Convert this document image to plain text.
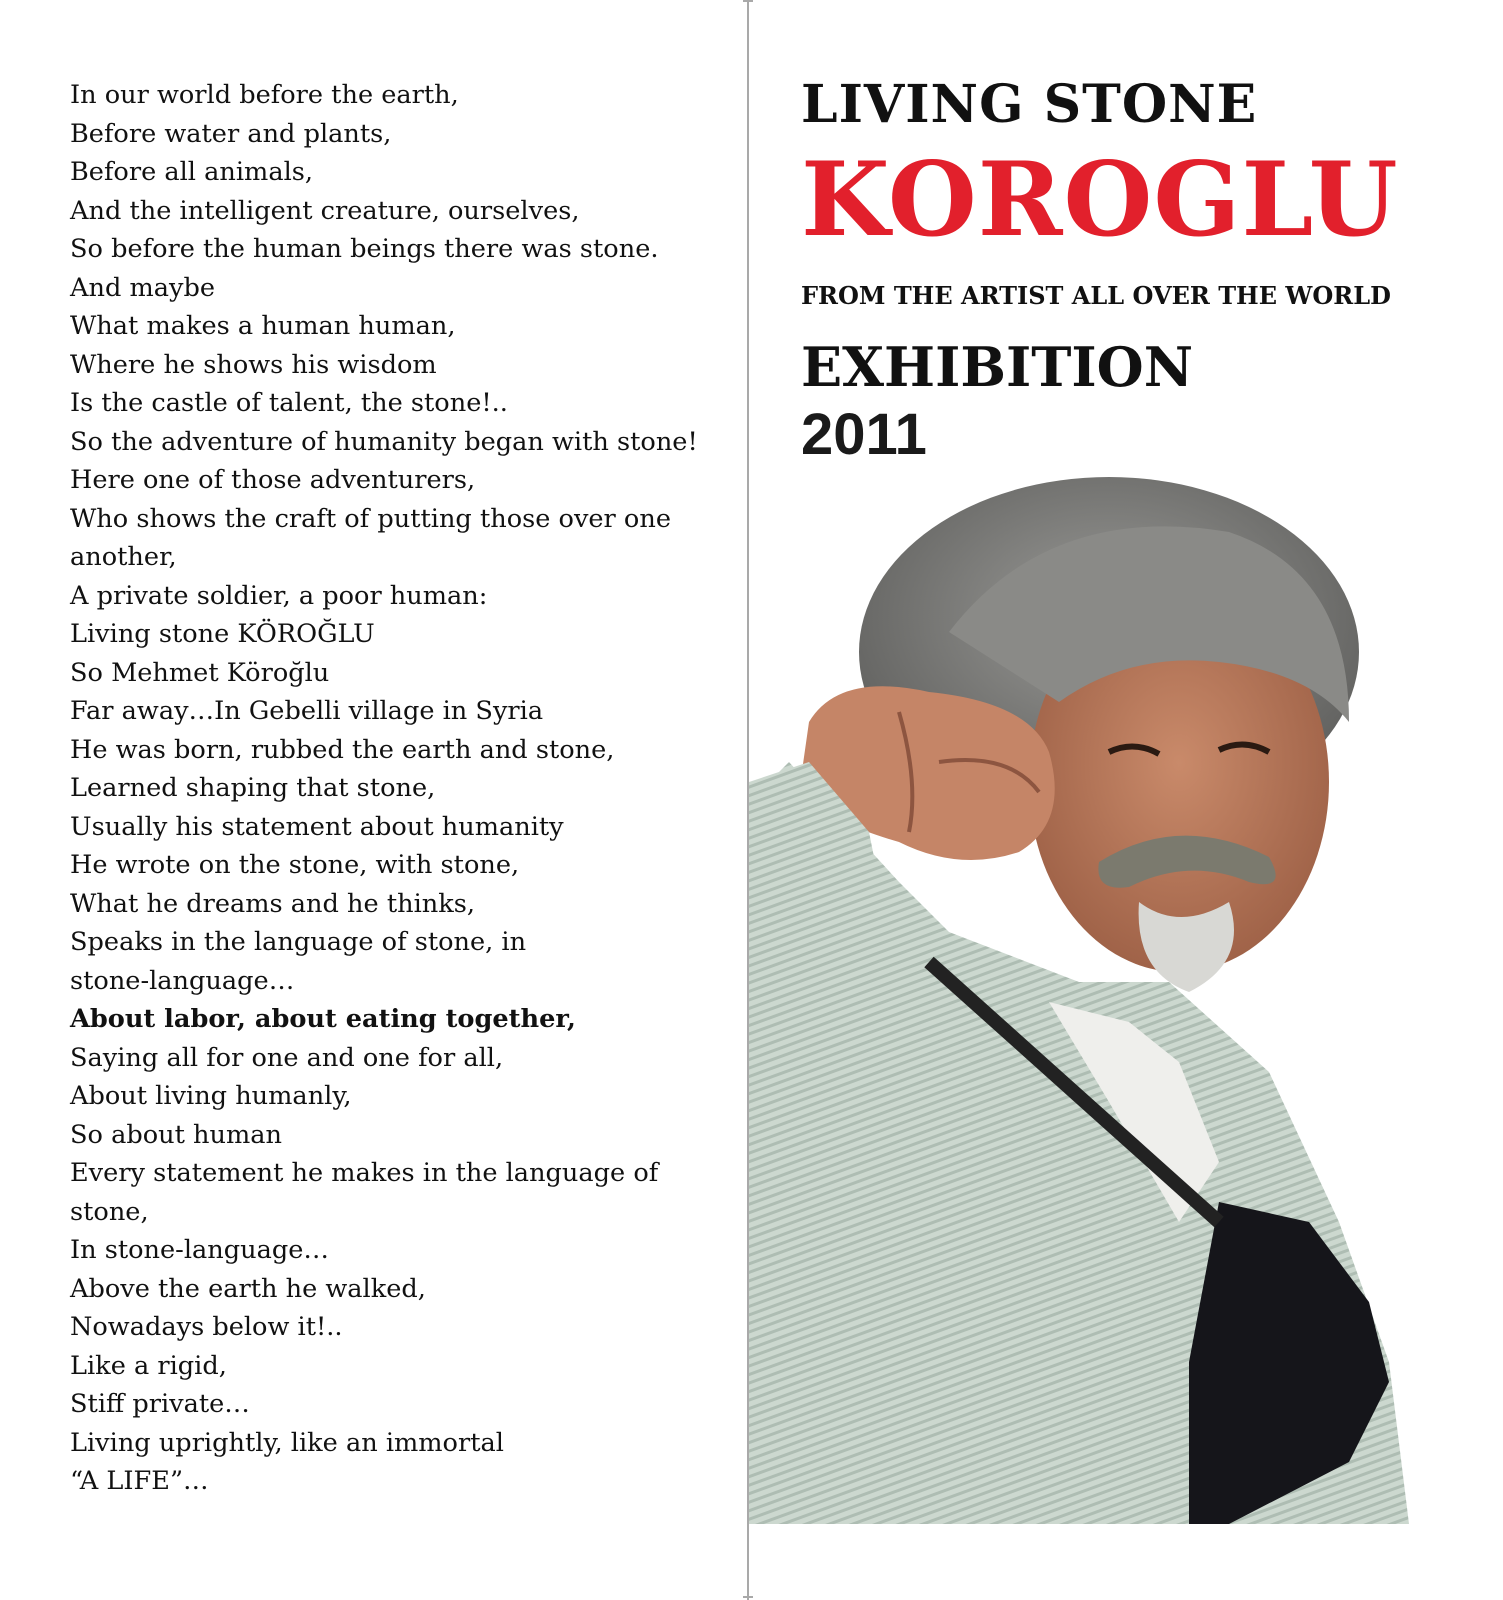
In our world before the earth,
Before water and plants,
Before all animals,
And the intelligent creature, ourselves,
So before the human beings there was stone.
And maybe
What makes a human human,
Where he shows his wisdom
Is the castle of talent, the stone!..
So the adventure of humanity began with stone!
Here one of those adventurers,
Who shows the craft of putting those over one
another,
A private soldier, a poor human:
Living stone KÖROĞLU
So Mehmet Köroğlu
Far away…In Gebelli village in Syria
He was born, rubbed the earth and stone,
Learned shaping that stone,
Usually his statement about humanity
He wrote on the stone, with stone,
What he dreams and he thinks,
Speaks in the language of stone, in
stone-language…
About labor, about eating together,
Saying all for one and one for all,
About living humanly,
So about human
Every statement he makes in the language of
stone,
In stone-language…
Above the earth he walked,
Nowadays below it!..
Like a rigid,
Stiff private…
Living uprightly, like an immortal
“A LIFE”…
LIVING STONE
KOROGLU
FROM THE ARTIST ALL OVER THE WORLD
EXHIBITION
2011
